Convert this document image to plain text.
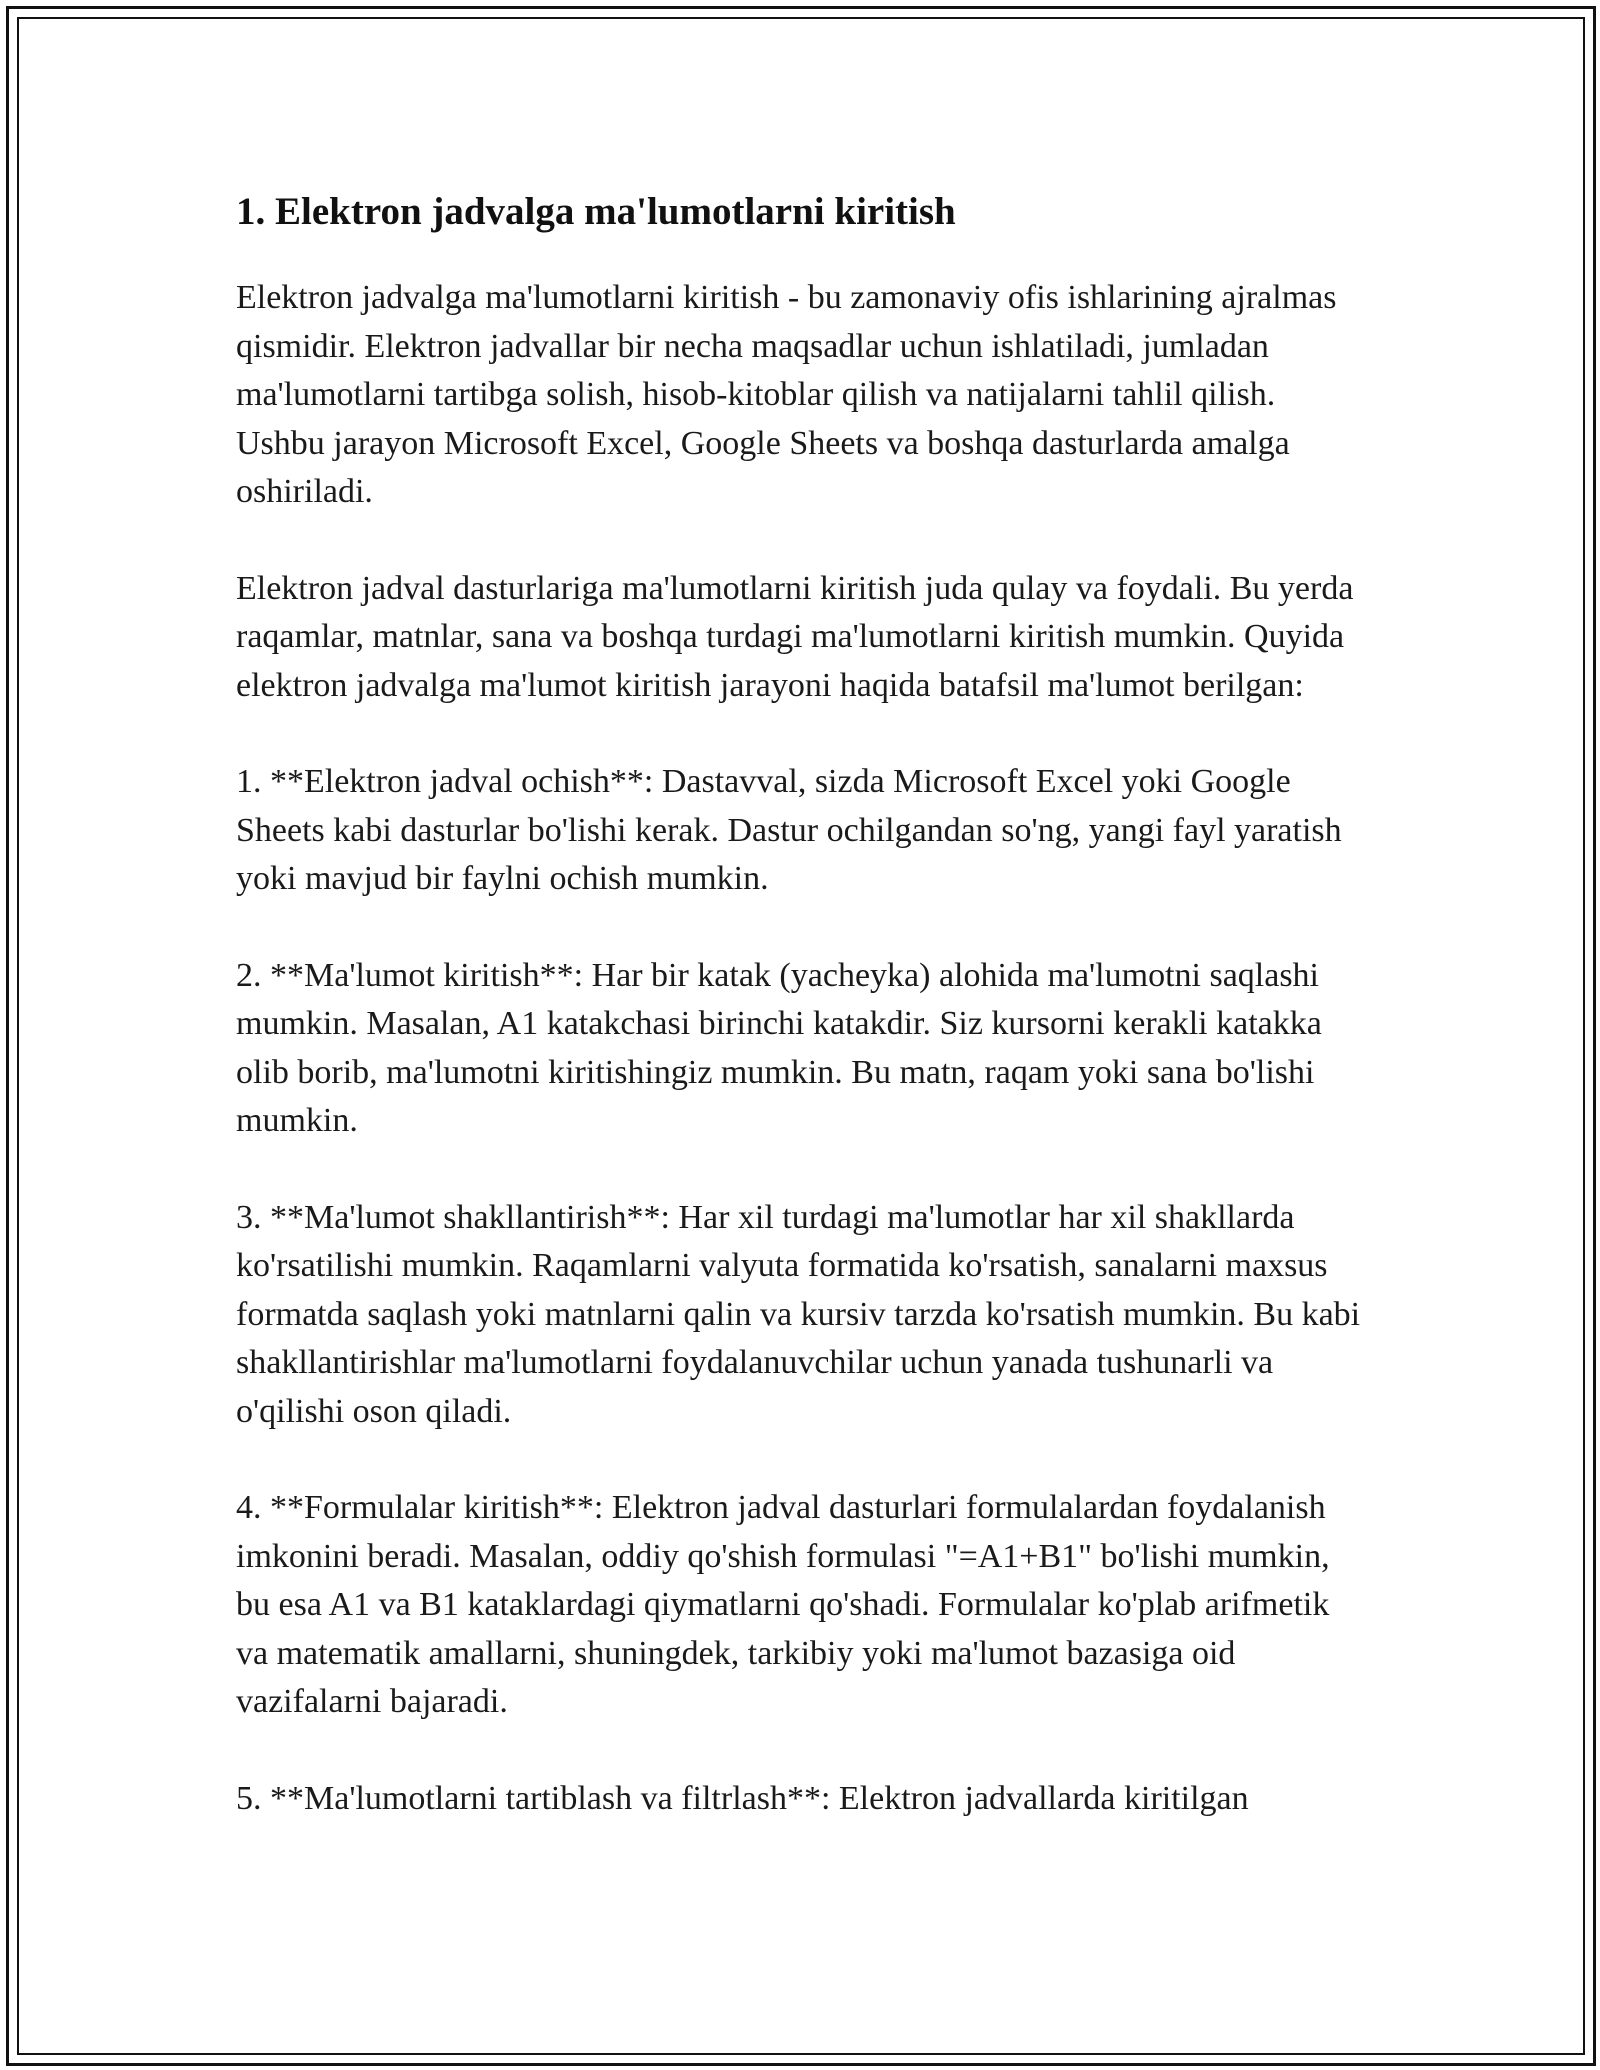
1. Elektron jadvalga ma'lumotlarni kiritish

Elektron jadvalga ma'lumotlarni kiritish - bu zamonaviy ofis ishlarining ajralmas qismidir. Elektron jadvallar bir necha maqsadlar uchun ishlatiladi, jumladan ma'lumotlarni tartibga solish, hisob-kitoblar qilish va natijalarni tahlil qilish. Ushbu jarayon Microsoft Excel, Google Sheets va boshqa dasturlarda amalga oshiriladi.

Elektron jadval dasturlariga ma'lumotlarni kiritish juda qulay va foydali. Bu yerda raqamlar, matnlar, sana va boshqa turdagi ma'lumotlarni kiritish mumkin. Quyida elektron jadvalga ma'lumot kiritish jarayoni haqida batafsil ma'lumot berilgan:

1. **Elektron jadval ochish**: Dastavval, sizda Microsoft Excel yoki Google Sheets kabi dasturlar bo'lishi kerak. Dastur ochilgandan so'ng, yangi fayl yaratish yoki mavjud bir faylni ochish mumkin.

2. **Ma'lumot kiritish**: Har bir katak (yacheyka) alohida ma'lumotni saqlashi mumkin. Masalan, A1 katakchasi birinchi katakdir. Siz kursorni kerakli katakka olib borib, ma'lumotni kiritishingiz mumkin. Bu matn, raqam yoki sana bo'lishi mumkin.

3. **Ma'lumot shakllantirish**: Har xil turdagi ma'lumotlar har xil shakllarda ko'rsatilishi mumkin. Raqamlarni valyuta formatida ko'rsatish, sanalarni maxsus formatda saqlash yoki matnlarni qalin va kursiv tarzda ko'rsatish mumkin. Bu kabi shakllantirishlar ma'lumotlarni foydalanuvchilar uchun yanada tushunarli va o'qilishi oson qiladi.

4. **Formulalar kiritish**: Elektron jadval dasturlari formulalardan foydalanish imkonini beradi. Masalan, oddiy qo'shish formulasi "=A1+B1" bo'lishi mumkin, bu esa A1 va B1 kataklardagi qiymatlarni qo'shadi. Formulalar ko'plab arifmetik va matematik amallarni, shuningdek, tarkibiy yoki ma'lumot bazasiga oid vazifalarni bajaradi.

5. **Ma'lumotlarni tartiblash va filtrlash**: Elektron jadvallarda kiritilgan
